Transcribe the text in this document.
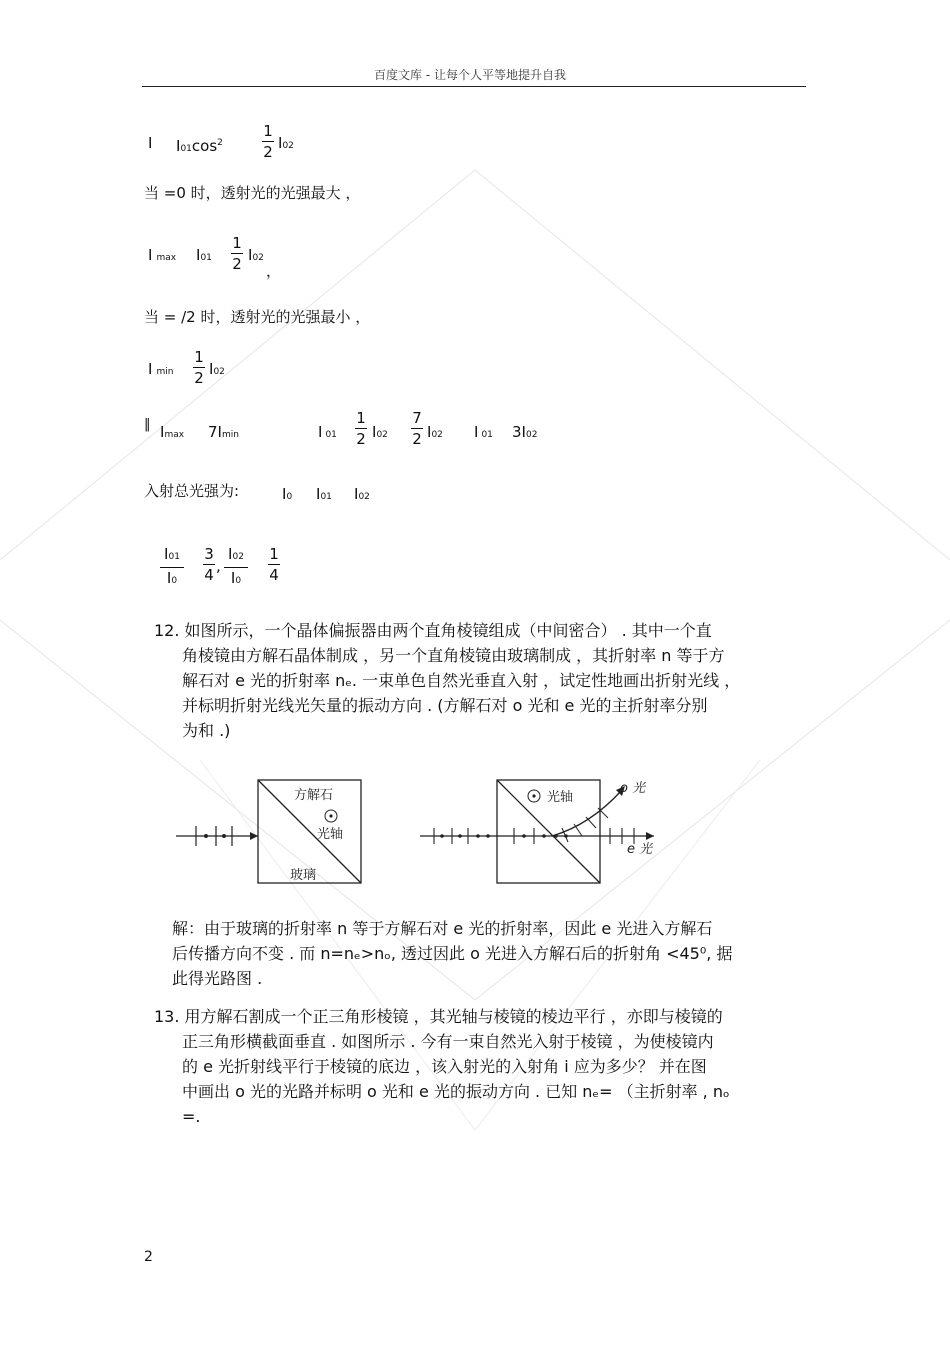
百度文库 - 让每个人平等地提升自我
I $I01\cos^2$
1
2 I02
当 =0 时，透射光的光强最大 ，
Imax I01
1
2 I02
，
当 = /2 时，透射光的光强最小 ，
Imin
1
2 I02
‖ Imax 7Imin	I 01
1
2 I02
7
2 I02 I 01 3I02
入射总光强为:	I0 I01 I02
I01
I0
3
4 ,
I02
I0
1
4
12. 如图所示，一个晶体偏振器由两个直角棱镜组成（中间密合） . 其中一个直
角棱镜由方解石晶体制成 ，另一个直角棱镜由玻璃制成 ，其折射率 n 等于方
解石对 e 光的折射率 nₑ. 一束单色自然光垂直入射 ，试定性地画出折射光线 ，
并标明折射光线光矢量的振动方向 . (方解石对 o 光和 e 光的主折射率分别
为和 .)
方解石
光轴
玻璃
光轴
o 光
e 光
解：由于玻璃的折射率 n 等于方解石对 e 光的折射率，因此 e 光进入方解石
后传播方向不变 . 而 n=nₑ>nₒ, 透过因此 o 光进入方解石后的折射角 <45⁰, 据
此得光路图 .
13. 用方解石割成一个正三角形棱镜 ，其光轴与棱镜的棱边平行 ，亦即与棱镜的
正三角形横截面垂直 . 如图所示 . 今有一束自然光入射于棱镜 ，为使棱镜内
的 e 光折射线平行于棱镜的底边 ，该入射光的入射角 i 应为多少？ 并在图
中画出 o 光的光路并标明 o 光和 e 光的振动方向 . 已知 nₑ= （主折射率 , nₒ
=.
2
